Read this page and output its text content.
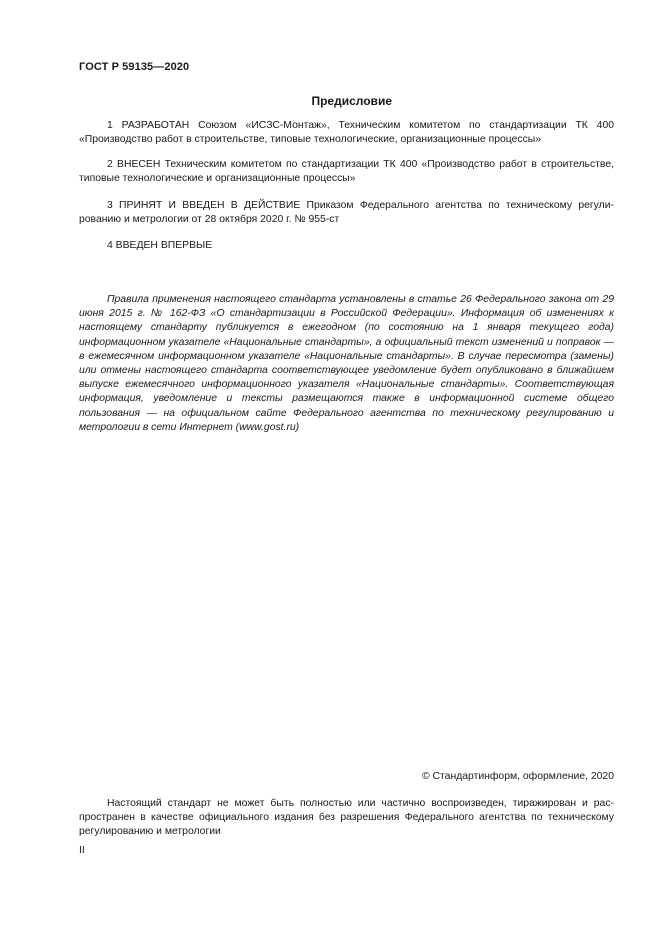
ГОСТ Р 59135—2020
Предисловие

1 РАЗРАБОТАН Союзом «ИСЗС-Монтаж», Техническим комитетом по стандартизации ТК 400 «Производство работ в строительстве, типовые технологические, организационные процессы»

2 ВНЕСЕН Техническим комитетом по стандартизации ТК 400 «Производство работ в строительстве, типовые технологические и организационные процессы»

3 ПРИНЯТ И ВВЕДЕН В ДЕЙСТВИЕ Приказом Федерального агентства по техническому регулированию и метрологии от 28 октября 2020 г. № 955-ст

4 ВВЕДЕН ВПЕРВЫЕ

Правила применения настоящего стандарта установлены в статье 26 Федерального закона от 29 июня 2015 г. № 162-ФЗ «О стандартизации в Российской Федерации». Информация об изменениях к настоящему стандарту публикуется в ежегодном (по состоянию на 1 января текущего года) информационном указателе «Национальные стандарты», а официальный текст изменений и поправок — в ежемесячном информационном указателе «Национальные стандарты». В случае пересмотра (замены) или отмены настоящего стандарта соответствующее уведомление будет опубликовано в ближайшем выпуске ежемесячного информационного указателя «Национальные стандарты». Соответствующая информация, уведомление и тексты размещаются также в информационной системе общего пользования — на официальном сайте Федерального агентства по техническому регулированию и метрологии в сети Интернет (www.gost.ru)

© Стандартинформ, оформление, 2020

Настоящий стандарт не может быть полностью или частично воспроизведен, тиражирован и распространен в качестве официального издания без разрешения Федерального агентства по техническому регулированию и метрологии

II
